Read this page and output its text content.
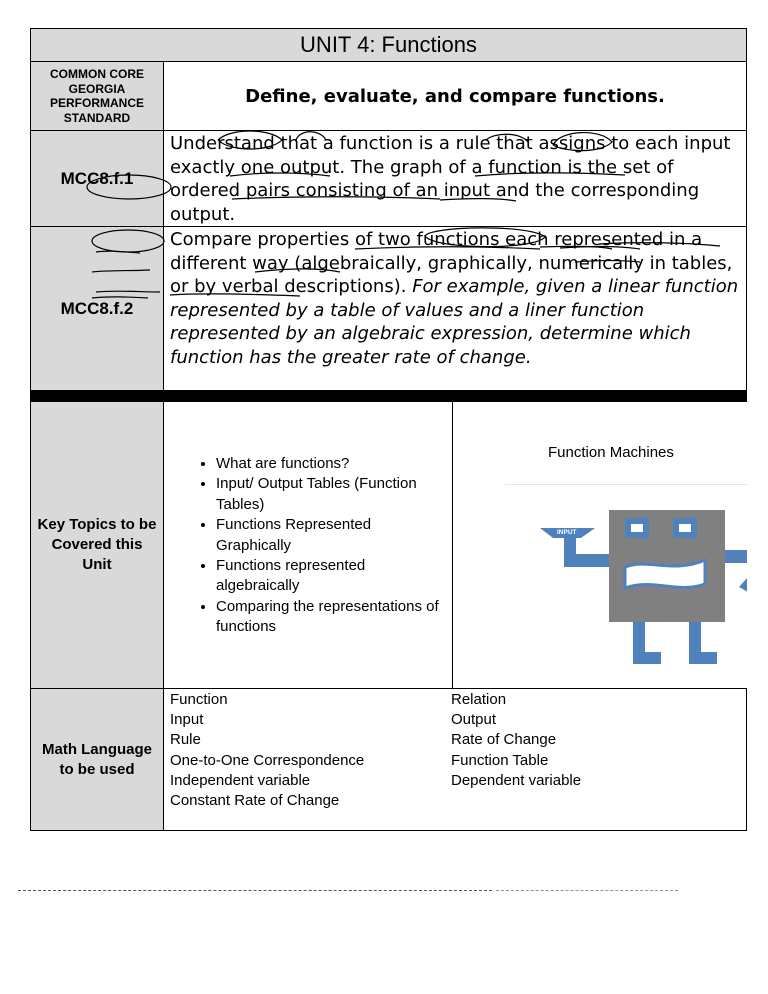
UNIT 4: Functions
COMMON CORE GEORGIA PERFORMANCE STANDARD
Define, evaluate, and compare functions.
MCC8.f.1
Understand that a function is a rule that assigns to each input exactly one output. The graph of a function is the set of ordered pairs consisting of an input and the corresponding output.
MCC8.f.2
Compare properties of two functions each represented in a different way (algebraically, graphically, numerically in tables, or by verbal descriptions). For example, given a linear function represented by a table of values and a liner function represented by an algebraic expression, determine which function has the greater rate of change.
Key Topics to be Covered this Unit
• What are functions?
• Input/ Output Tables (Function Tables)
• Functions Represented Graphically
• Functions represented algebraically
• Comparing the representations of functions
Function Machines
INPUT
Math Language to be used
Function
Input
Rule
One-to-One Correspondence
Independent variable
Constant Rate of Change
Relation
Output
Rate of Change
Function Table
Dependent variable
